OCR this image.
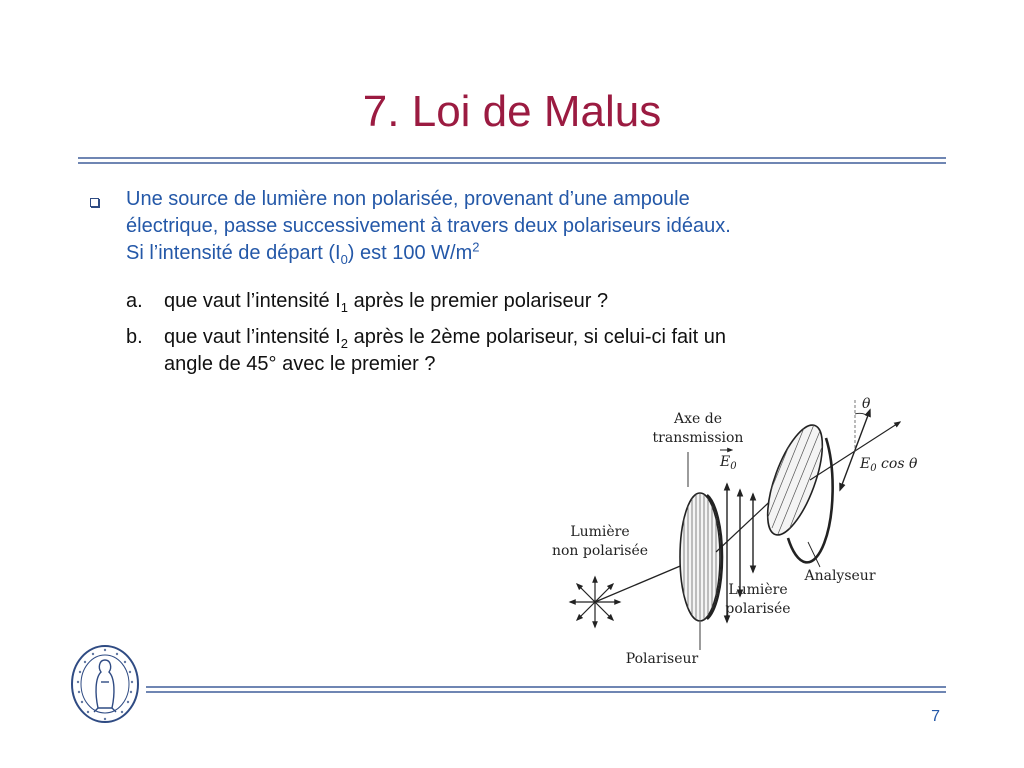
7. Loi de Malus
Une source de lumière non polarisée, provenant d’une ampoule
électrique, passe successivement à travers deux polariseurs idéaux.
Si l’intensité de départ $(I_0)$ est 100 $W/m^2$
a. que vaut l’intensité $I_1$ après le premier polariseur ?
b. que vaut l’intensité $I_2$ après le 2ème polariseur, si celui-ci fait un
angle de 45° avec le premier ?
Axe de
transmission
θ
$E_0$	$E_0$ cos θ
Lumière
non polarisée
Lumière
polarisée
Analyseur
Polariseur
7
